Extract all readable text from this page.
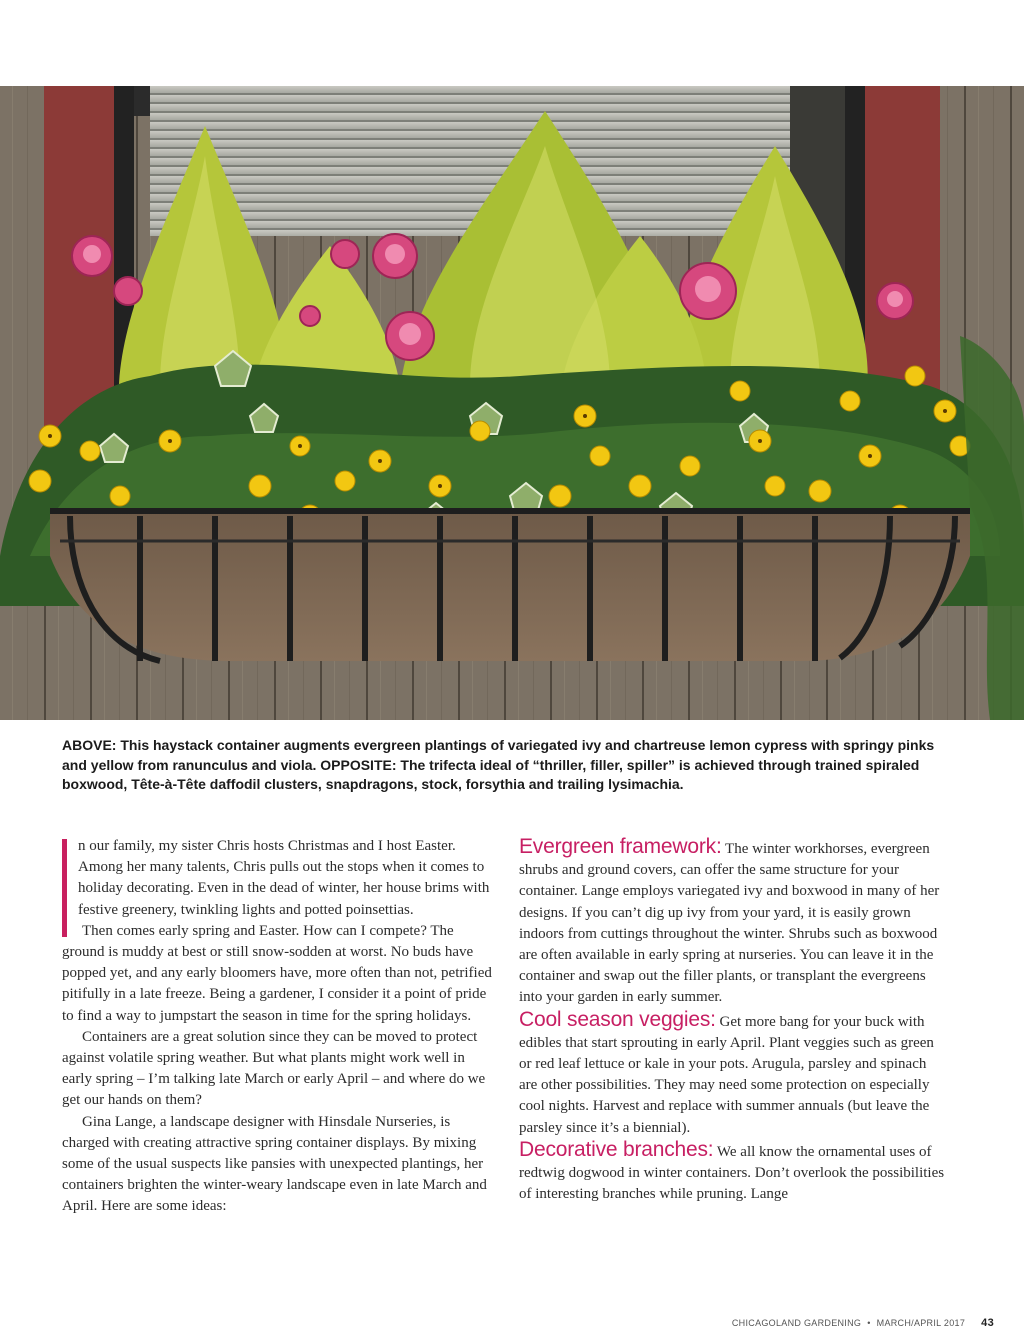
ABOVE: This haystack container augments evergreen plantings of variegated ivy and chartreuse lemon cypress with springy pinks and yellow from ranunculus and viola. OPPOSITE: The trifecta ideal of “thriller, filler, spiller” is achieved through trained spiraled boxwood, Tête-à-Tête daffodil clusters, snapdragons, stock, forsythia and trailing lysimachia.

n our family, my sister Chris hosts Christmas and I host Easter. Among her many talents, Chris pulls out the stops when it comes to holiday decorating. Even in the dead of winter, her house brims with festive greenery, twinkling lights and potted poinsettias.

Then comes early spring and Easter. How can I compete? The ground is muddy at best or still snow-sodden at worst. No buds have popped yet, and any early bloomers have, more often than not, petrified pitifully in a late freeze. Being a gardener, I consider it a point of pride to find a way to jumpstart the season in time for the spring holidays.

Containers are a great solution since they can be moved to protect against volatile spring weather. But what plants might work well in early spring – I’m talking late March or early April – and where do we get our hands on them?

Gina Lange, a landscape designer with Hinsdale Nurseries, is charged with creating attractive spring container displays. By mixing some of the usual suspects like pansies with unexpected plantings, her containers brighten the winter-weary landscape even in late March and April. Here are some ideas:

Evergreen framework: The winter workhorses, evergreen shrubs and ground covers, can offer the same structure for your container. Lange employs variegated ivy and boxwood in many of her designs. If you can’t dig up ivy from your yard, it is easily grown indoors from cuttings throughout the winter. Shrubs such as boxwood are often available in early spring at nurseries. You can leave it in the container and swap out the filler plants, or transplant the evergreens into your garden in early summer.

Cool season veggies: Get more bang for your buck with edibles that start sprouting in early April. Plant veggies such as green or red leaf lettuce or kale in your pots. Arugula, parsley and spinach are other possibilities. They may need some protection on especially cool nights. Harvest and replace with summer annuals (but leave the parsley since it’s a biennial).

Decorative branches: We all know the ornamental uses of redtwig dogwood in winter containers. Don’t overlook the possibilities of interesting branches while pruning. Lange

CHICAGOLAND GARDENING • MARCH/APRIL 2017 43
